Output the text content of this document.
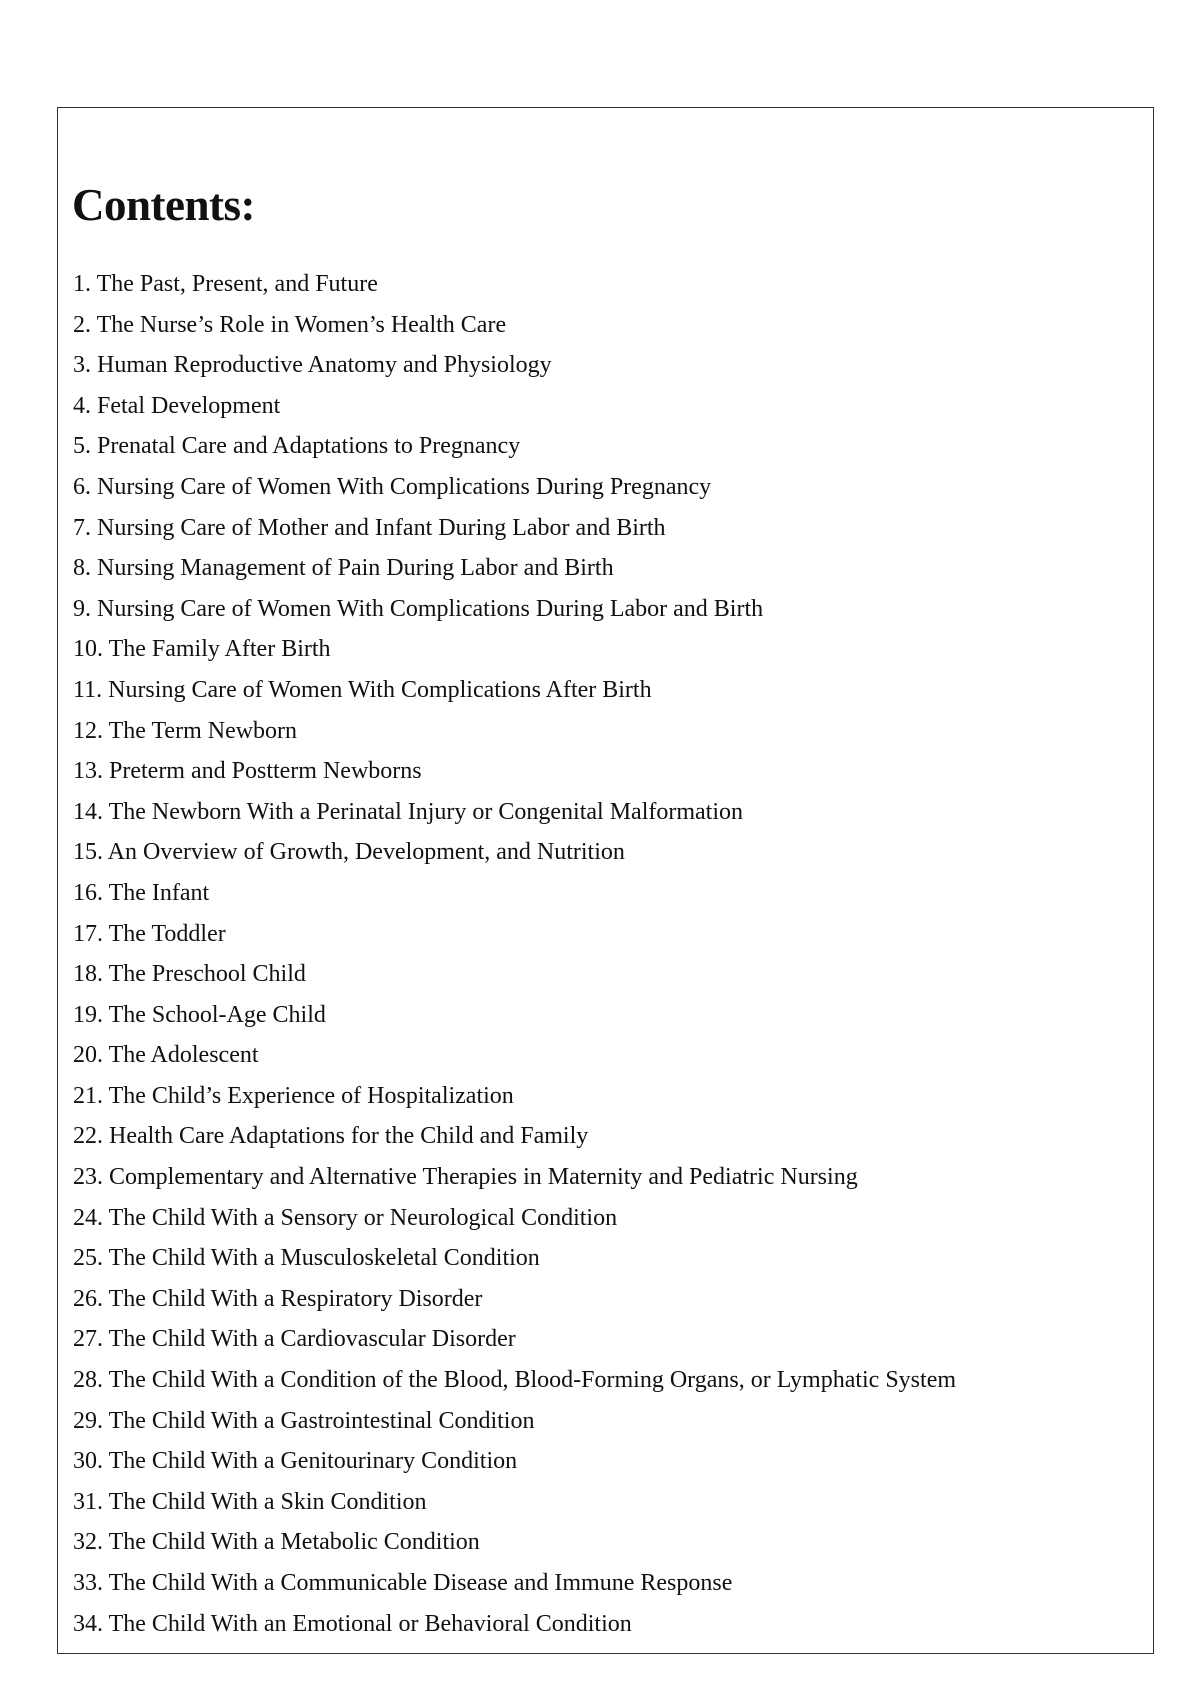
Contents:
1. The Past, Present, and Future
2. The Nurse’s Role in Women’s Health Care
3. Human Reproductive Anatomy and Physiology
4. Fetal Development
5. Prenatal Care and Adaptations to Pregnancy
6. Nursing Care of Women With Complications During Pregnancy
7. Nursing Care of Mother and Infant During Labor and Birth
8. Nursing Management of Pain During Labor and Birth
9. Nursing Care of Women With Complications During Labor and Birth
10. The Family After Birth
11. Nursing Care of Women With Complications After Birth
12. The Term Newborn
13. Preterm and Postterm Newborns
14. The Newborn With a Perinatal Injury or Congenital Malformation
15. An Overview of Growth, Development, and Nutrition
16. The Infant
17. The Toddler
18. The Preschool Child
19. The School-Age Child
20. The Adolescent
21. The Child’s Experience of Hospitalization
22. Health Care Adaptations for the Child and Family
23. Complementary and Alternative Therapies in Maternity and Pediatric Nursing
24. The Child With a Sensory or Neurological Condition
25. The Child With a Musculoskeletal Condition
26. The Child With a Respiratory Disorder
27. The Child With a Cardiovascular Disorder
28. The Child With a Condition of the Blood, Blood-Forming Organs, or Lymphatic System
29. The Child With a Gastrointestinal Condition
30. The Child With a Genitourinary Condition
31. The Child With a Skin Condition
32. The Child With a Metabolic Condition
33. The Child With a Communicable Disease and Immune Response
34. The Child With an Emotional or Behavioral Condition
